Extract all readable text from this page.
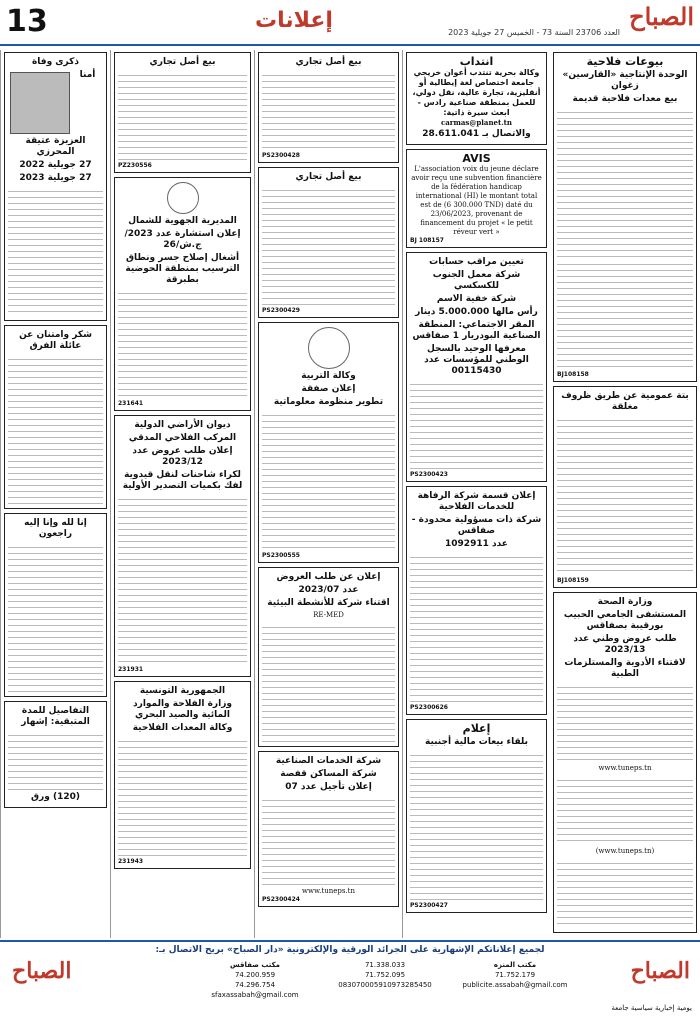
13	إعلانات	الصباح
العدد 23706 السنة 73 - الخميس 27 جويلية 2023
بيوعات فلاحية
الوحدة الإنتاجية «القارسين» زغوان
بيع معدات فلاحية قديمة
BJ108158
بتة عمومية عن طريق ظروف مغلقة
BJ108159
وزارة الصحة
المستشفى الجامعي الحبيب بورقيبة بصفاقس
طلب عروض وطني عدد 2023/13
لاقتناء الأدوية والمستلزمات الطبية
www.tuneps.tn
(www.tuneps.tn)
انتداب
وكالة بحرية تنتدب أعوان خريجي جامعة اختصاص لغة إيطالية أو أنقليزية، تجارة عالية، نقل دولي، للعمل بمنطقة صناعية رادس - ابعث سيرة ذاتية:
carmas@planet.tn
والاتصال بـ 28.611.041
AVIS
L'association voix du jeune déclare avoir reçu une subvention financière de la fédération handicap international (HI) le montant total est de (6 300.000 TND) daté du 23/06/2023, provenant de financement du projet « le petit réveur vert »
BJ 108157
تعيين مراقب حسابات
شركة معمل الجنوب للكسكسي
شركة خفية الاسم
رأس مالها 5.000.000 دينار
المقر الاجتماعي: المنطقة الصناعية البودريار 1 صفاقس
معرفها الوحيد بالسجل الوطني للمؤسسات عدد 00115430
PS2300423
إعلان قسمة شركة الرفاهة للخدمات الفلاحية
شركة ذات مسؤولية محدودة - صفاقس
عدد 1092911
PS2300626
إعلام
بلقاء بيعات مالية أجنبية
PS2300427
بيع أصل تجاري
PS2300428
بيع أصل تجاري
PS2300429
وكالة التربية
إعلان صفقة
تطوير منظومة معلوماتية
PS2300555
إعلان عن طلب العروض
عدد 2023/07
اقتناء شركة للأنشطة البيئية
RE-MED
شركة الخدمات الصناعية
شركة المساكن قفصة
إعلان تأجيل عدد 07
www.tuneps.tn
PS2300424
بيع أصل تجاري
PZ230556
المديرية الجهوية للشمال
إعلان استشارة عدد 2023/ج.ش/26
أشغال إصلاح جسر ونطاق الترسيب بمنطقة الحوضية بطبرقة
231641
ديوان الأراضي الدولية
المركب الفلاحي المدقي
إعلان طلب عروض عدد 2023/12
لكراء شاحنات لنقل قيدوية لفك بكميات التصدير الأولية
231931
الجمهورية التونسية
وزارة الفلاحة والموارد المائية والصيد البحري
وكالة المعدات الفلاحية
231943
ذكرى وفاة
أمنا العزيزة عتيقة المحرزي
27 جويلية 2022
27 جويلية 2023
شكر وامتنان عن عائلة الفرق
إنا لله وإنا إليه راجعون
التفاصيل للمدة المتبقية: إشهار
(120) ورق
لجميع إعلاناتكم الإشهارية على الجرائد الورقية والإلكترونية «دار الصباح» بريح الاتصال بـ:
الصباح
يومية إخبارية سياسية جامعة
مكتب المنزه
71.752.179
publicite.assabah@gmail.com
71.338.033
71.752.095
083070005910973285450
مكتب صفاقس
74.200.959
74.296.754
sfaxassabah@gmail.com
الصباح
